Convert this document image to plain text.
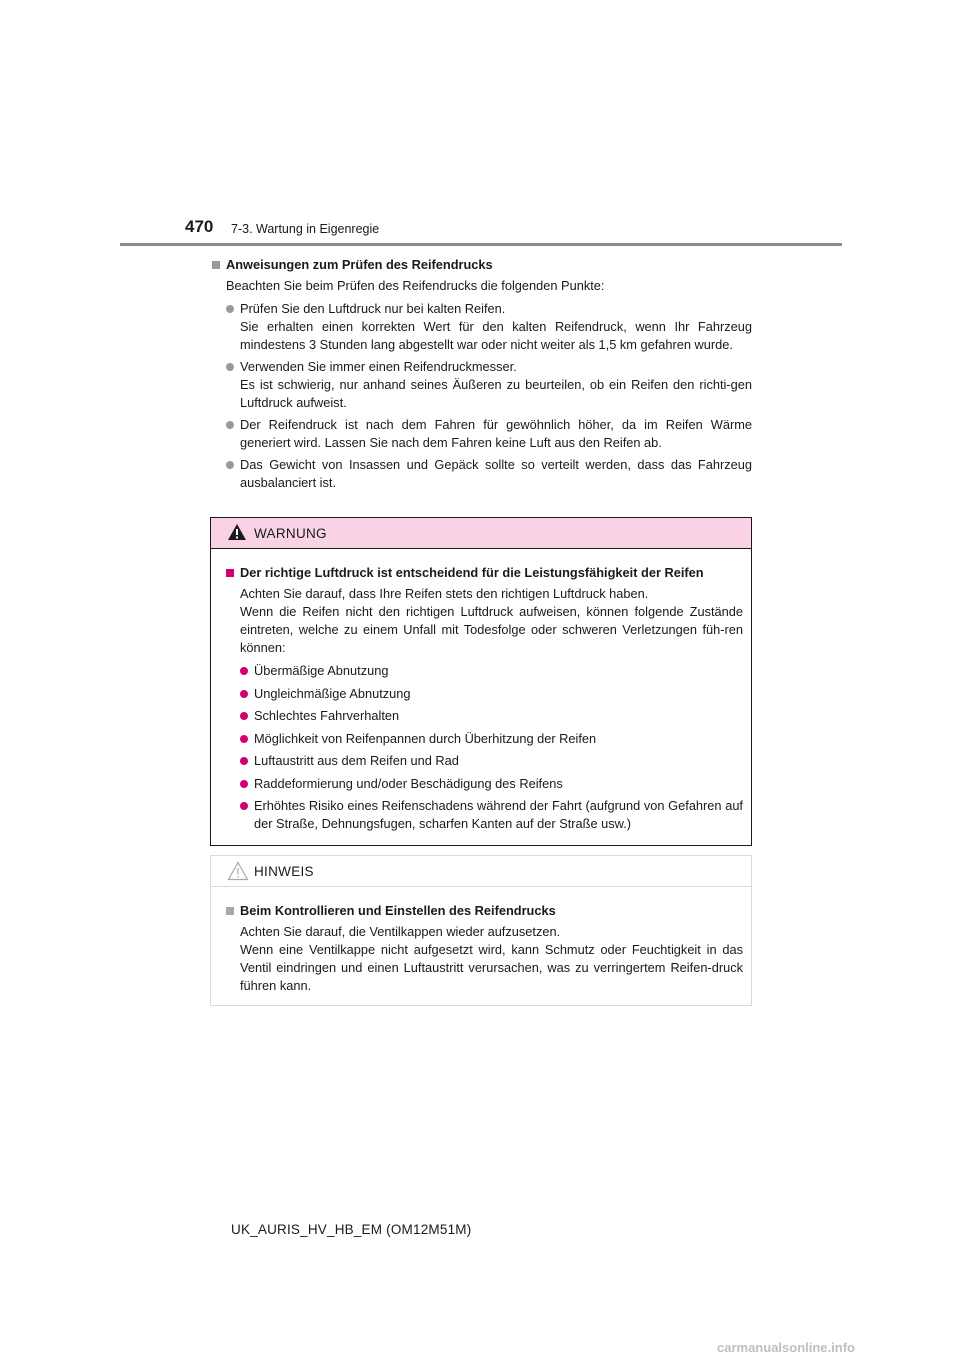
470 7-3. Wartung in Eigenregie
Anweisungen zum Prüfen des Reifendrucks
Beachten Sie beim Prüfen des Reifendrucks die folgenden Punkte:
Prüfen Sie den Luftdruck nur bei kalten Reifen.
Sie erhalten einen korrekten Wert für den kalten Reifendruck, wenn Ihr Fahrzeug mindestens 3 Stunden lang abgestellt war oder nicht weiter als 1,5 km gefahren wurde.
Verwenden Sie immer einen Reifendruckmesser.
Es ist schwierig, nur anhand seines Äußeren zu beurteilen, ob ein Reifen den richti-gen Luftdruck aufweist.
Der Reifendruck ist nach dem Fahren für gewöhnlich höher, da im Reifen Wärme generiert wird. Lassen Sie nach dem Fahren keine Luft aus den Reifen ab.
Das Gewicht von Insassen und Gepäck sollte so verteilt werden, dass das Fahrzeug ausbalanciert ist.
WARNUNG
Der richtige Luftdruck ist entscheidend für die Leistungsfähigkeit der Reifen
Achten Sie darauf, dass Ihre Reifen stets den richtigen Luftdruck haben.
Wenn die Reifen nicht den richtigen Luftdruck aufweisen, können folgende Zustände eintreten, welche zu einem Unfall mit Todesfolge oder schweren Verletzungen füh-ren können:
Übermäßige Abnutzung
Ungleichmäßige Abnutzung
Schlechtes Fahrverhalten
Möglichkeit von Reifenpannen durch Überhitzung der Reifen
Luftaustritt aus dem Reifen und Rad
Raddeformierung und/oder Beschädigung des Reifens
Erhöhtes Risiko eines Reifenschadens während der Fahrt (aufgrund von Gefahren auf der Straße, Dehnungsfugen, scharfen Kanten auf der Straße usw.)
HINWEIS
Beim Kontrollieren und Einstellen des Reifendrucks
Achten Sie darauf, die Ventilkappen wieder aufzusetzen.
Wenn eine Ventilkappe nicht aufgesetzt wird, kann Schmutz oder Feuchtigkeit in das Ventil eindringen und einen Luftaustritt verursachen, was zu verringertem Reifen-druck führen kann.
UK_AURIS_HV_HB_EM (OM12M51M)
carmanualsonline.info
